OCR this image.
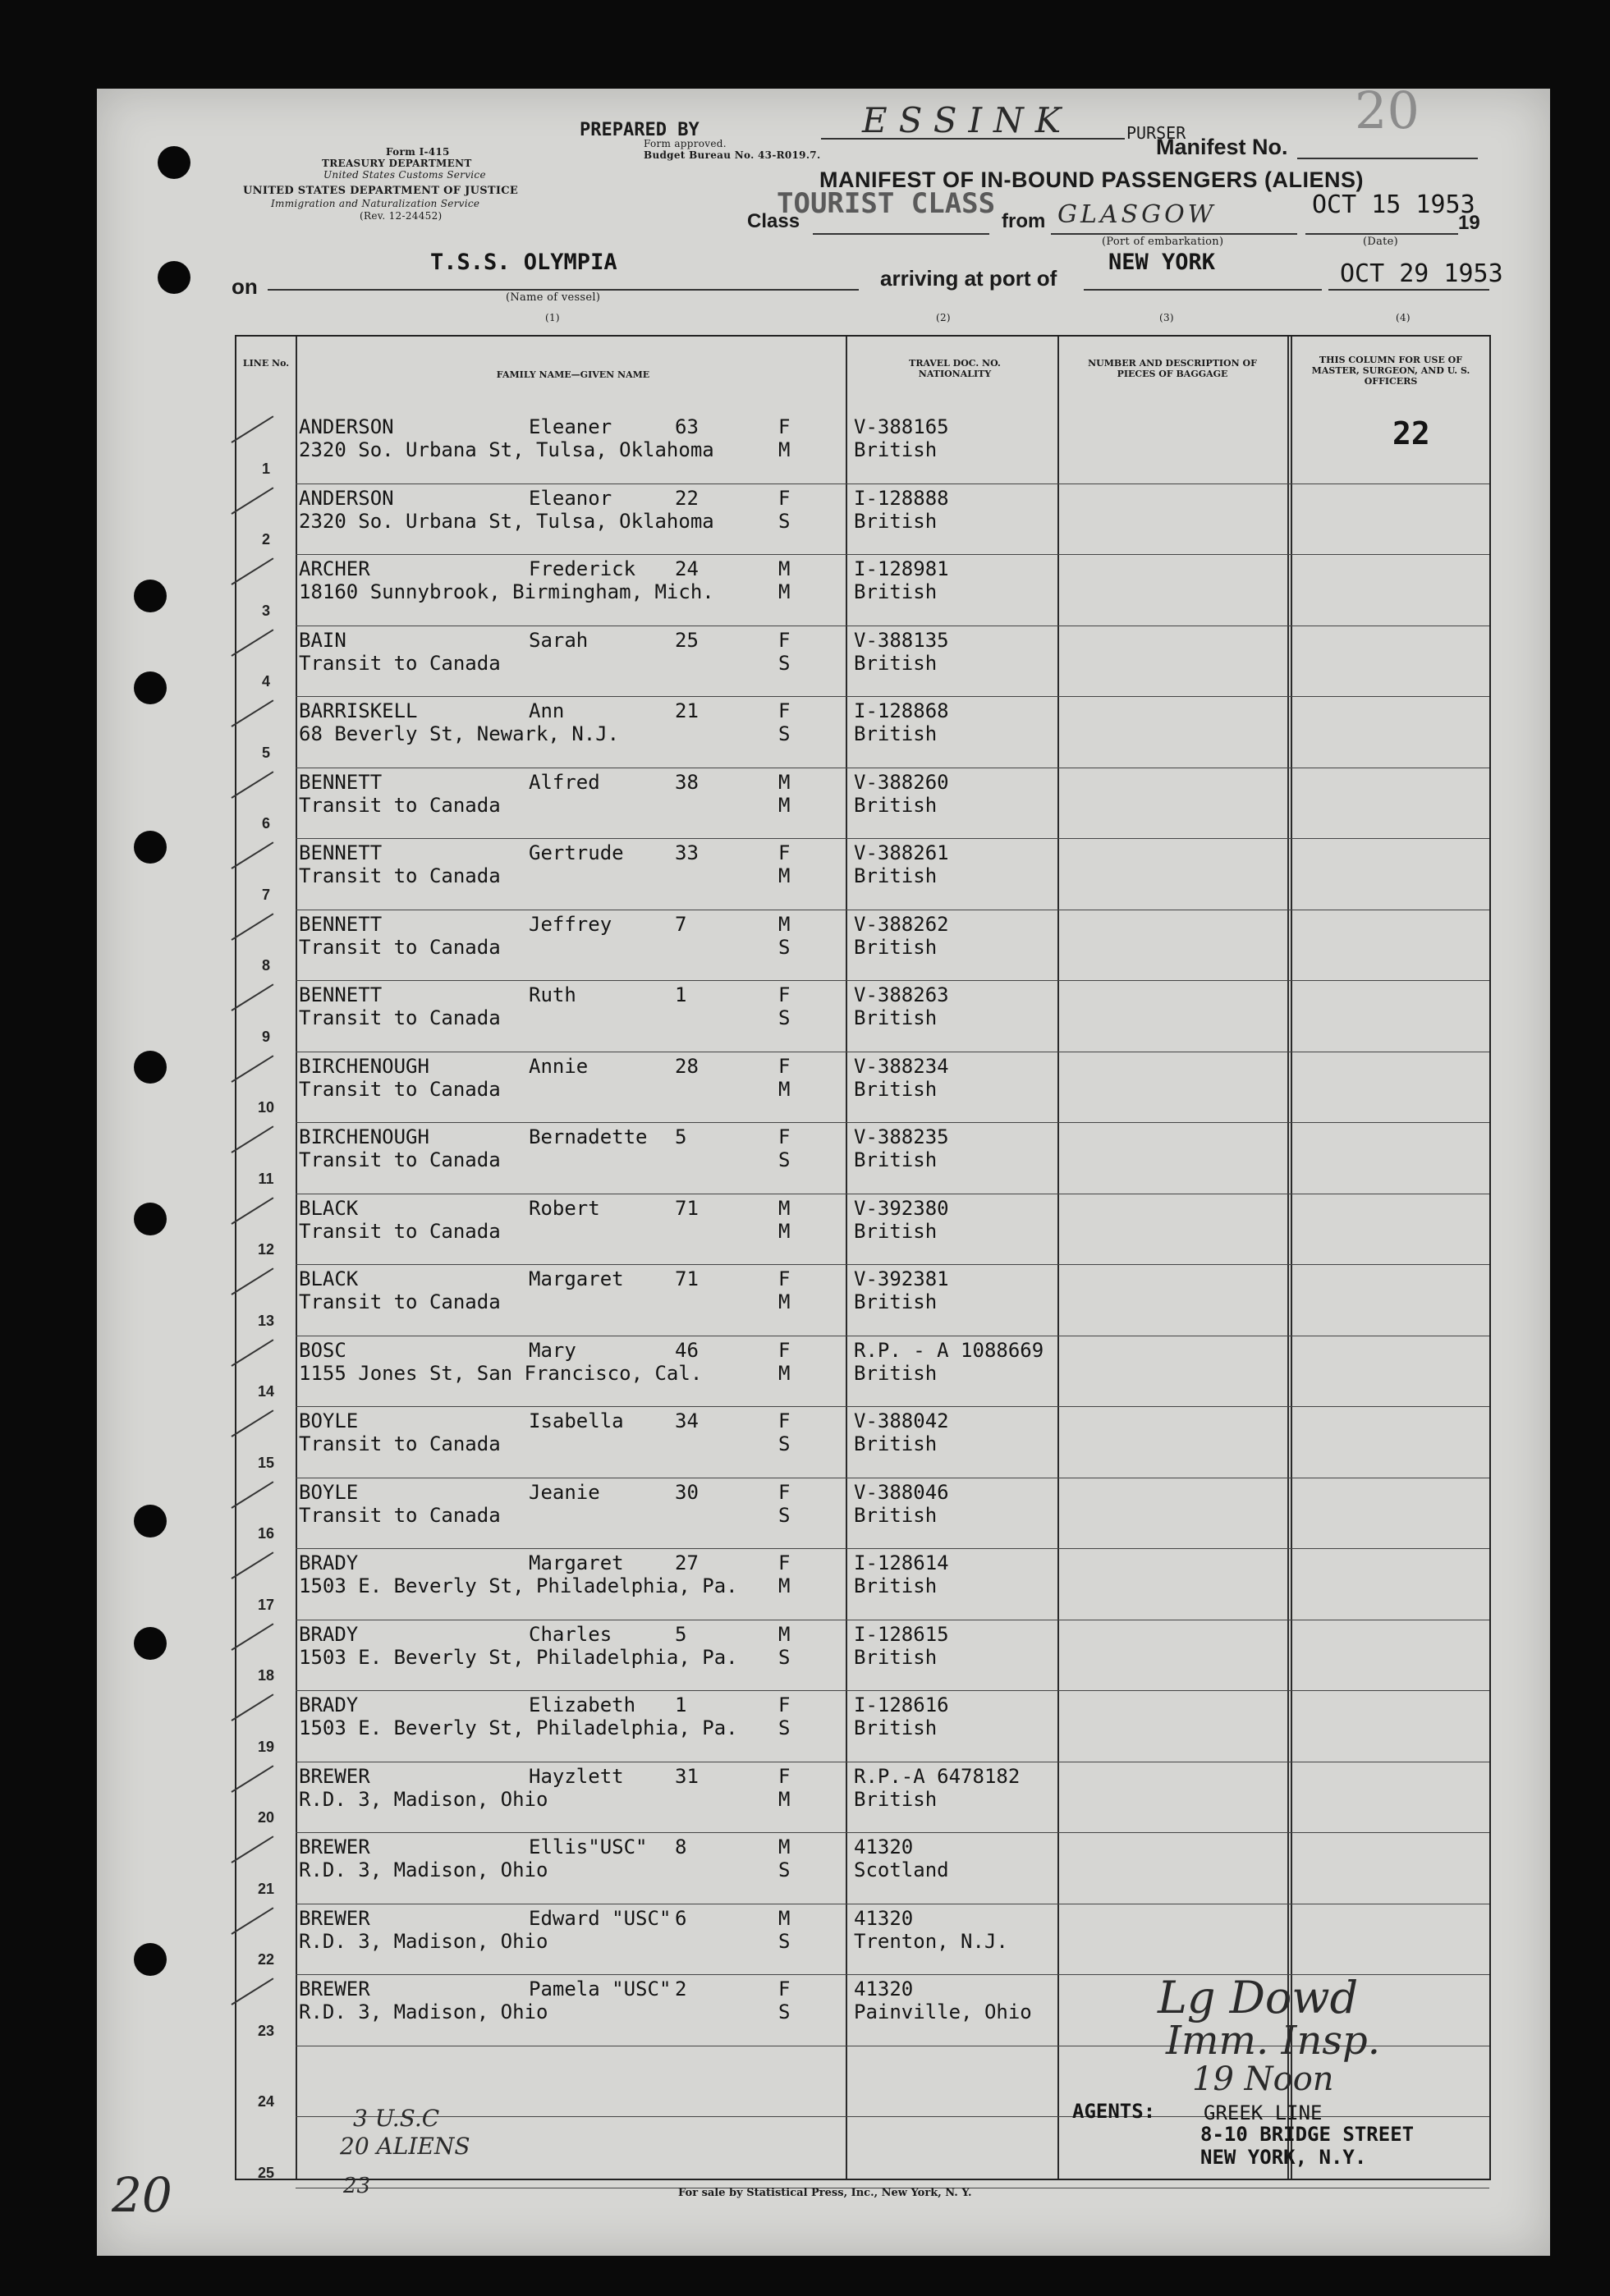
Form I-415
TREASURY DEPARTMENT
United States Customs Service
UNITED STATES DEPARTMENT OF JUSTICE
Immigration and Naturalization Service
(Rev. 12-24452)
Form approved.
Budget Bureau No. 43-R019.7.
PREPARED BY	ESSINK	PURSER
Manifest No.
20
MANIFEST OF IN-BOUND PASSENGERS (ALIENS)
TOURIST CLASS
Class	from GLASGOW
(Port of embarkation)
OCT 15 1953
19
(Date)
on
T.S.S. OLYMPIA
(Name of vessel)
(1)
arriving at port of
NEW YORK	OCT 29 1953
(2)	(3)	(4)
LINE No.
FAMILY NAME—GIVEN NAME
TRAVEL DOC. NO. NATIONALITY
NUMBER AND DESCRIPTION OF PIECES OF BAGGAGE
THIS COLUMN FOR USE OF MASTER, SURGEON, AND U. S. OFFICERS
22
1
ANDERSON	Eleaner	63	F
2320 So. Urbana St, Tulsa, Oklahoma	M
V-388165
British
2
ANDERSON	Eleanor	22	F
2320 So. Urbana St, Tulsa, Oklahoma	S
I-128888
British
3
ARCHER	Frederick 24	M
18160 Sunnybrook, Birmingham, Mich.	M
I-128981
British
4
BAIN	Sarah	25	F
Transit to Canada	S
V-388135
British
5
BARRISKELL	Ann	21	F
68 Beverly St, Newark, N.J.	S
I-128868
British
6
BENNETT	Alfred	38	M
Transit to Canada	M
V-388260
British
7
BENNETT	Gertrude	33	F
Transit to Canada	M
V-388261
British
8
BENNETT	Jeffrey	7	M
Transit to Canada	S
V-388262
British
9
BENNETT	Ruth	1	F
Transit to Canada	S
V-388263
British
10
BIRCHENOUGH	Annie	28	F
Transit to Canada	M
V-388234
British
11
BIRCHENOUGH	Bernadette 5	F
Transit to Canada	S
V-388235
British
12
BLACK	Robert	71	M
Transit to Canada	M
V-392380
British
13
BLACK	Margaret	71	F
Transit to Canada	M
V-392381
British
14
BOSC	Mary	46	F
1155 Jones St, San Francisco, Cal.	M
R.P. - A 1088669
British
15
BOYLE	Isabella	34	F
Transit to Canada	S
V-388042
British
16
BOYLE	Jeanie	30	F
Transit to Canada	S
V-388046
British
17
BRADY	Margaret	27	F
1503 E. Beverly St, Philadelphia, Pa. M
I-128614
British
18
BRADY	Charles	5	M
1503 E. Beverly St, Philadelphia, Pa. S
I-128615
British
19
BRADY	Elizabeth 1	F
1503 E. Beverly St, Philadelphia, Pa. S
I-128616
British
20
BREWER	Hayzlett	31	F
R.D. 3, Madison, Ohio	M
R.P.-A 6478182
British
21
BREWER	Ellis"USC" 8	M
R.D. 3, Madison, Ohio	S
41320
Scotland
22
BREWER	Edward "USC" 6	M
R.D. 3, Madison, Ohio	S
41320
Trenton, N.J.
23
BREWER	Pamela "USC" 2	F
R.D. 3, Madison, Ohio	S
41320
Painville, Ohio
24
25
AGENTS: GREEK LINE
8-10 BRIDGE STREET
NEW YORK, N.Y.
3 U.S.C
20 ALIENS
23
20
Lg Dowd
Imm. Insp.
19 Noon
For sale by Statistical Press, Inc., New York, N. Y.
